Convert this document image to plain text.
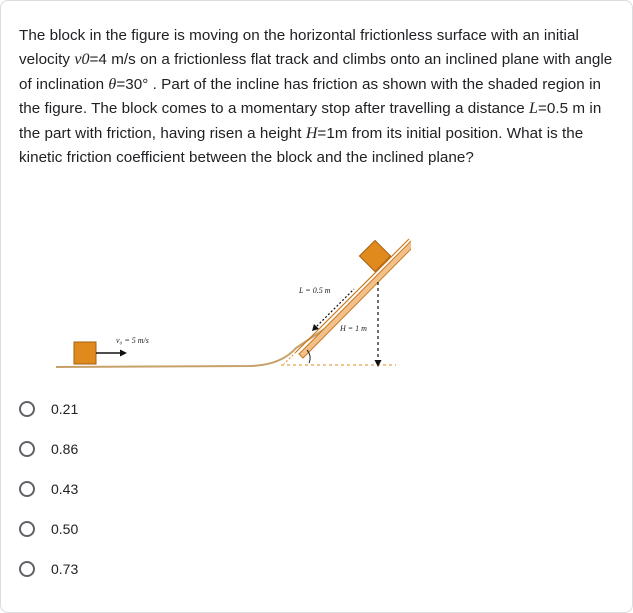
The block in the figure is moving on the horizontal frictionless surface with an initial velocity v0=4 m/s on a frictionless flat track and climbs onto an inclined plane with angle of inclination θ=30° . Part of the incline has friction as shown with the shaded region in the figure. The block comes to a momentary stop after travelling a distance L=0.5 m in the part with friction, having risen a height H=1m from its initial position. What is the kinetic friction coefficient between the block and the inclined plane?
v₀ = 5 m/s
L = 0.5 m
H = 1 m
0.21
0.86
0.43
0.50
0.73
